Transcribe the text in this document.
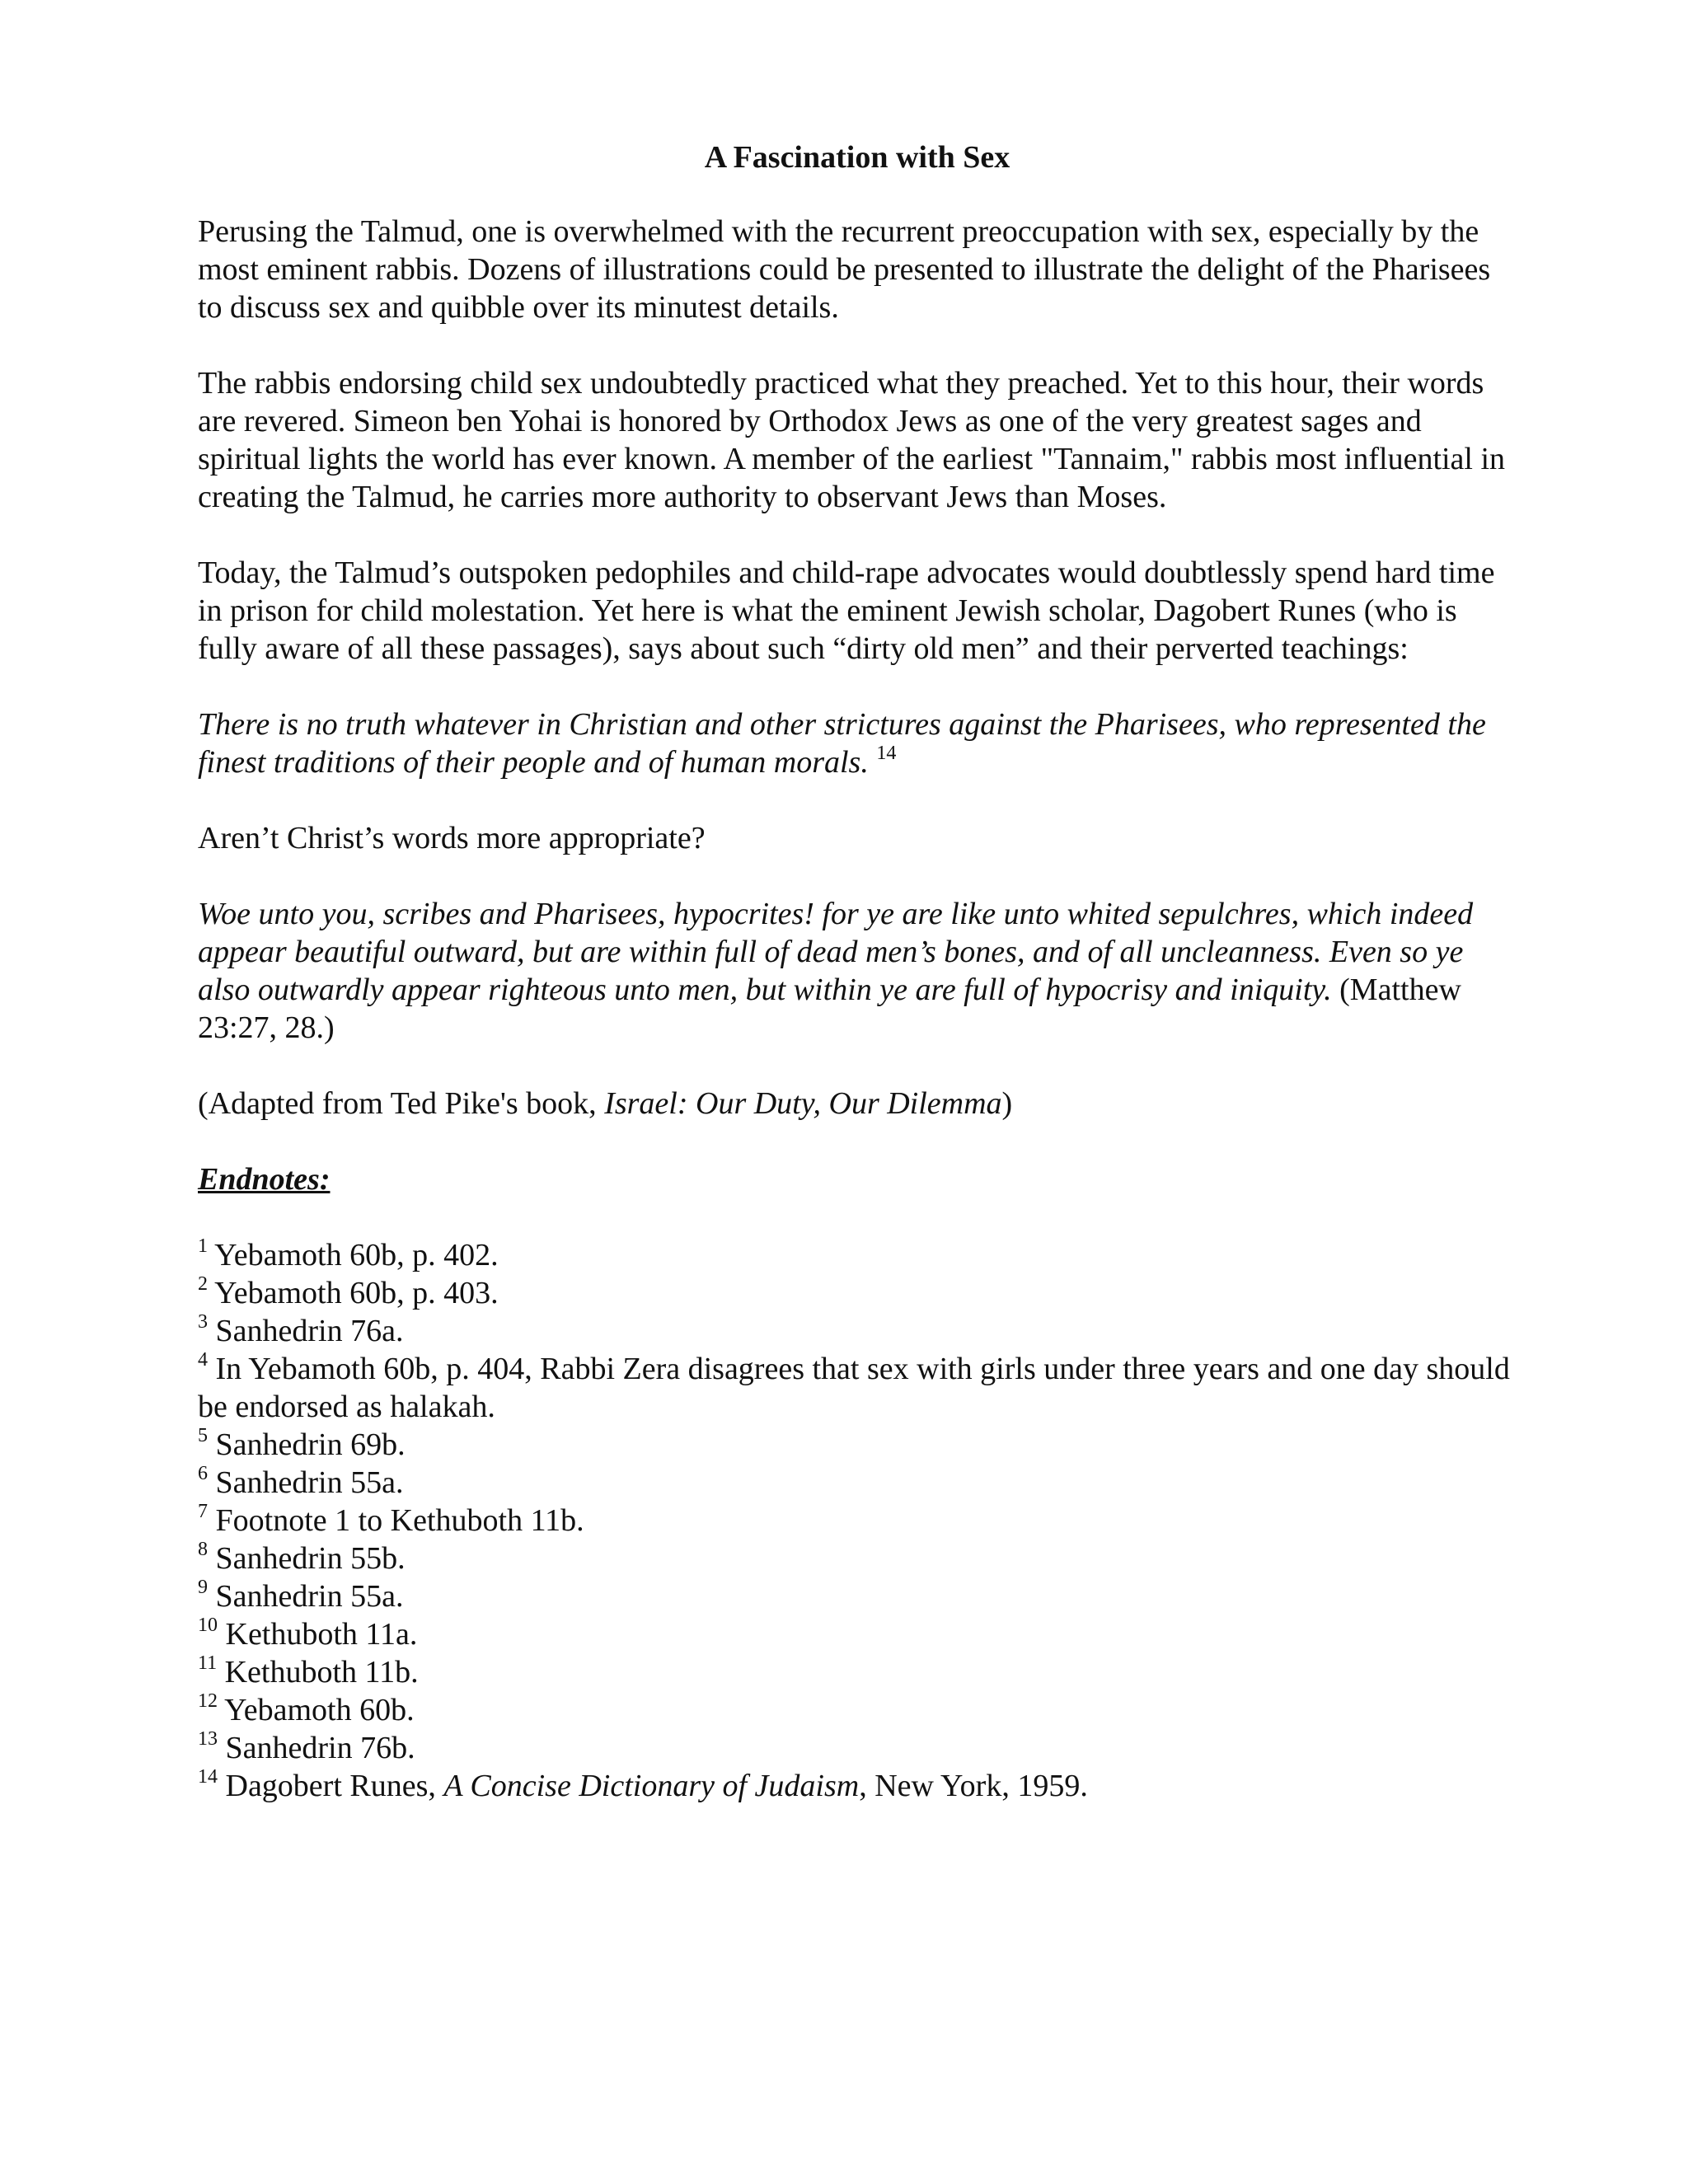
A Fascination with Sex

Perusing the Talmud, one is overwhelmed with the recurrent preoccupation with sex, especially by the most eminent rabbis. Dozens of illustrations could be presented to illustrate the delight of the Pharisees to discuss sex and quibble over its minutest details.

The rabbis endorsing child sex undoubtedly practiced what they preached. Yet to this hour, their words are revered. Simeon ben Yohai is honored by Orthodox Jews as one of the very greatest sages and spiritual lights the world has ever known. A member of the earliest "Tannaim," rabbis most influential in creating the Talmud, he carries more authority to observant Jews than Moses.

Today, the Talmud’s outspoken pedophiles and child-rape advocates would doubtlessly spend hard time in prison for child molestation. Yet here is what the eminent Jewish scholar, Dagobert Runes (who is fully aware of all these passages), says about such “dirty old men” and their perverted teachings:

There is no truth whatever in Christian and other strictures against the Pharisees, who represented the finest traditions of their people and of human morals. $^{14}$

Aren’t Christ’s words more appropriate?

Woe unto you, scribes and Pharisees, hypocrites! for ye are like unto whited sepulchres, which indeed appear beautiful outward, but are within full of dead men’s bones, and of all uncleanness. Even so ye also outwardly appear righteous unto men, but within ye are full of hypocrisy and iniquity. (Matthew 23:27, 28.)

(Adapted from Ted Pike's book, Israel: Our Duty, Our Dilemma)

Endnotes:
$^1$ Yebamoth 60b, p. 402.
$^2$ Yebamoth 60b, p. 403.
$^3$ Sanhedrin 76a.
$^4$ In Yebamoth 60b, p. 404, Rabbi Zera disagrees that sex with girls under three years and one day should be endorsed as halakah.
$^5$ Sanhedrin 69b.
$^6$ Sanhedrin 55a.
$^7$ Footnote 1 to Kethuboth 11b.
$^8$ Sanhedrin 55b.
$^9$ Sanhedrin 55a.
$^{10}$ Kethuboth 11a.
$^{11}$ Kethuboth 11b.
$^{12}$ Yebamoth 60b.
$^{13}$ Sanhedrin 76b.
$^{14}$ Dagobert Runes, A Concise Dictionary of Judaism, New York, 1959.
